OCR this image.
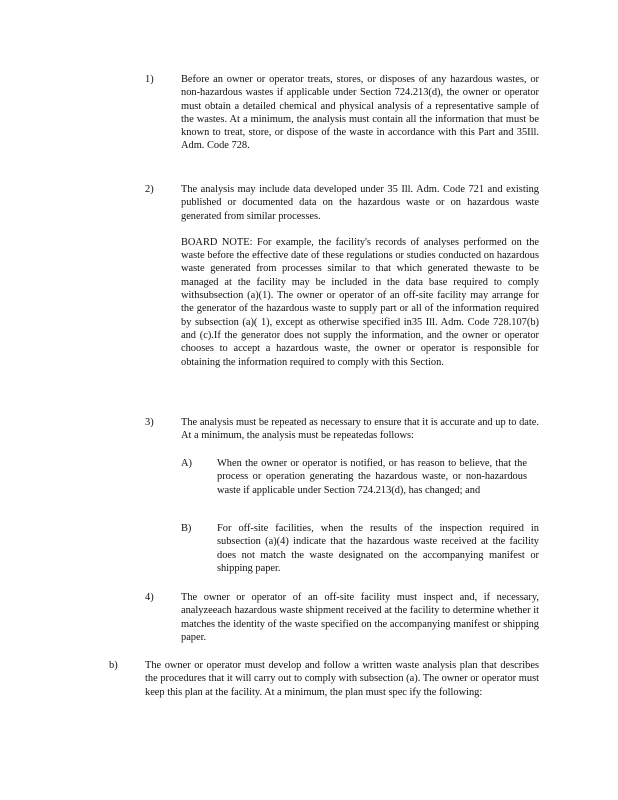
1)	Before an owner or operator treats, stores, or disposes of any hazardous wastes, or non-hazardous wastes if applicable under Section 724.213(d), the owner or operator must obtain a detailed chemical and physical analysis of a representative sample of the wastes. At a minimum, the analysis must contain all the information that must be known to treat, store, or dispose of the waste in accordance with this Part and 35Ill. Adm. Code 728.

2)	The analysis may include data developed under 35 Ill. Adm. Code 721 and existing published or documented data on the hazardous waste or on hazardous waste generated from similar processes.

BOARD NOTE: For example, the facility's records of analyses performed on the waste before the effective date of these regulations or studies conducted on hazardous waste generated from processes similar to that which generated thewaste to be managed at the facility may be included in the data base required to comply withsubsection (a)(1). The owner or operator of an off-site facility may arrange for the generator of the hazardous waste to supply part or all of the information required by subsection (a)( 1), except as otherwise specified in35 Ill. Adm. Code 728.107(b) and (c).If the generator does not supply the information, and the owner or operator chooses to accept a hazardous waste, the owner or operator is responsible for obtaining the information required to comply with this Section.

3)	The analysis must be repeated as necessary to ensure that it is accurate and up to date. At a minimum, the analysis must be repeatedas follows:

A) When the owner or operator is notified, or has reason to believe, that the process or operation generating the hazardous waste, or non-hazardous waste if applicable under Section 724.213(d), has changed; and

B) For off-site facilities, when the results of the inspection required in subsection (a)(4) indicate that the hazardous waste received at the facility does not match the waste designated on the accompanying manifest or shipping paper.

4)	The owner or operator of an off-site facility must inspect and, if necessary, analyzeeach hazardous waste shipment received at the facility to determine whether it matches the identity of the waste specified on the accompanying manifest or shipping paper.

b)	The owner or operator must develop and follow a written waste analysis plan that describes the procedures that it will carry out to comply with subsection (a). The owner or operator must keep this plan at the facility. At a minimum, the plan must spec ify the following:
